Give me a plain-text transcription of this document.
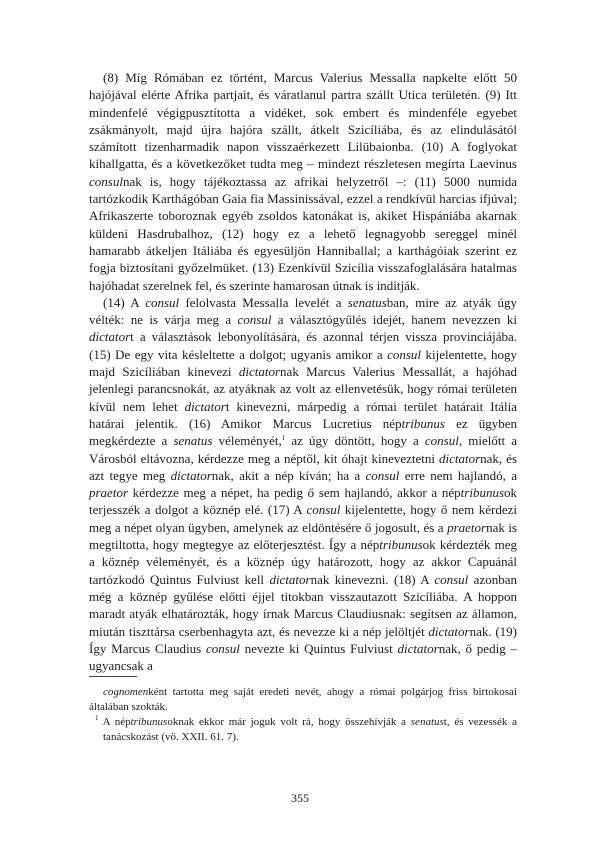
(8) Míg Rómában ez történt, Marcus Valerius Messalla napkelte előtt 50 hajójával elérte Afrika partjait, és váratlanul partra szállt Utica területén. (9) Itt mindenfelé végigpusztította a vidéket, sok embert és mindenféle egyebet zsákmányolt, majd újra hajóra szállt, átkelt Szicíliába, és az elindulásától számított tizenharmadik napon visszaérkezett Lilübaionba. (10) A foglyokat kihallgatta, és a következőket tudta meg – mindezt részletesen megírta Laevinus consulnak is, hogy tájékoztassa az afrikai helyzetről –: (11) 5000 numida tartózkodik Karthágóban Gaia fia Massinissával, ezzel a rendkívül harcias ifjúval; Afrikaszerte toboroznak egyéb zsoldos katonákat is, akiket Hispániába akarnak küldeni Hasdrubalhoz, (12) hogy ez a lehető legnagyobb sereggel minél hamarabb átkeljen Itáliába és egyesüljön Hanniballal; a karthágóiak szerint ez fogja biztosítani győzelmüket. (13) Ezenkívül Szicília visszafoglalására hatalmas hajóhadat szerelnek fel, és szerinte hamarosan útnak is indítják.

(14) A consul felolvasta Messalla levelét a senatusban, mire az atyák úgy vélték: ne is várja meg a consul a választógyűlés idejét, hanem nevezzen ki dictatort a választások lebonyolítására, és azonnal térjen vissza provinciájába. (15) De egy vita késleltette a dolgot; ugyanis amikor a consul kijelentette, hogy majd Szicíliában kinevezi dictatornak Marcus Valerius Messallát, a hajóhad jelenlegi parancsnokát, az atyáknak az volt az ellenvetésük, hogy római területen kívül nem lehet dictatort kinevezni, márpedig a római terület határait Itália határai jelentik. (16) Amikor Marcus Lucretius néptribunus ez ügyben megkérdezte a senatus véleményét,$^1$ az úgy döntött, hogy a consul, mielőtt a Városból eltávozna, kérdezze meg a néptől, kit óhajt kineveztetni dictatornak, és azt tegye meg dictatornak, akit a nép kíván; ha a consul erre nem hajlandó, a praetor kérdezze meg a népet, ha pedig ő sem hajlandó, akkor a néptribunusok terjesszék a dolgot a köznép elé. (17) A consul kijelentette, hogy ő nem kérdezi meg a népet olyan ügyben, amelynek az eldöntésére ő jogosult, és a praetornak is megtiltotta, hogy megtegye az előterjesztést. Így a néptribunusok kérdezték meg a köznép véleményét, és a köznép úgy határozott, hogy az akkor Capuánál tartózkodó Quintus Fulviust kell dictatornak kinevezni. (18) A consul azonban még a köznép gyűlése előtti éjjel titokban visszautazott Szicíliába. A hoppon maradt atyák elhatározták, hogy írnak Marcus Claudiusnak: segítsen az államon, miután tiszttársa cserbenhagyta azt, és nevezze ki a nép jelöltjét dictatornak. (19) Így Marcus Claudius consul nevezte ki Quintus Fulviust dictatornak, ő pedig – ugyancsak a

cognomenként tartotta meg saját eredeti nevét, ahogy a római polgárjog friss birtokosai általában szokták.

$^1$ A néptribunusoknak ekkor már joguk volt rá, hogy összehívják a senatust, és vezessék a tanácskozást (vö. XXII. 61. 7).

355
